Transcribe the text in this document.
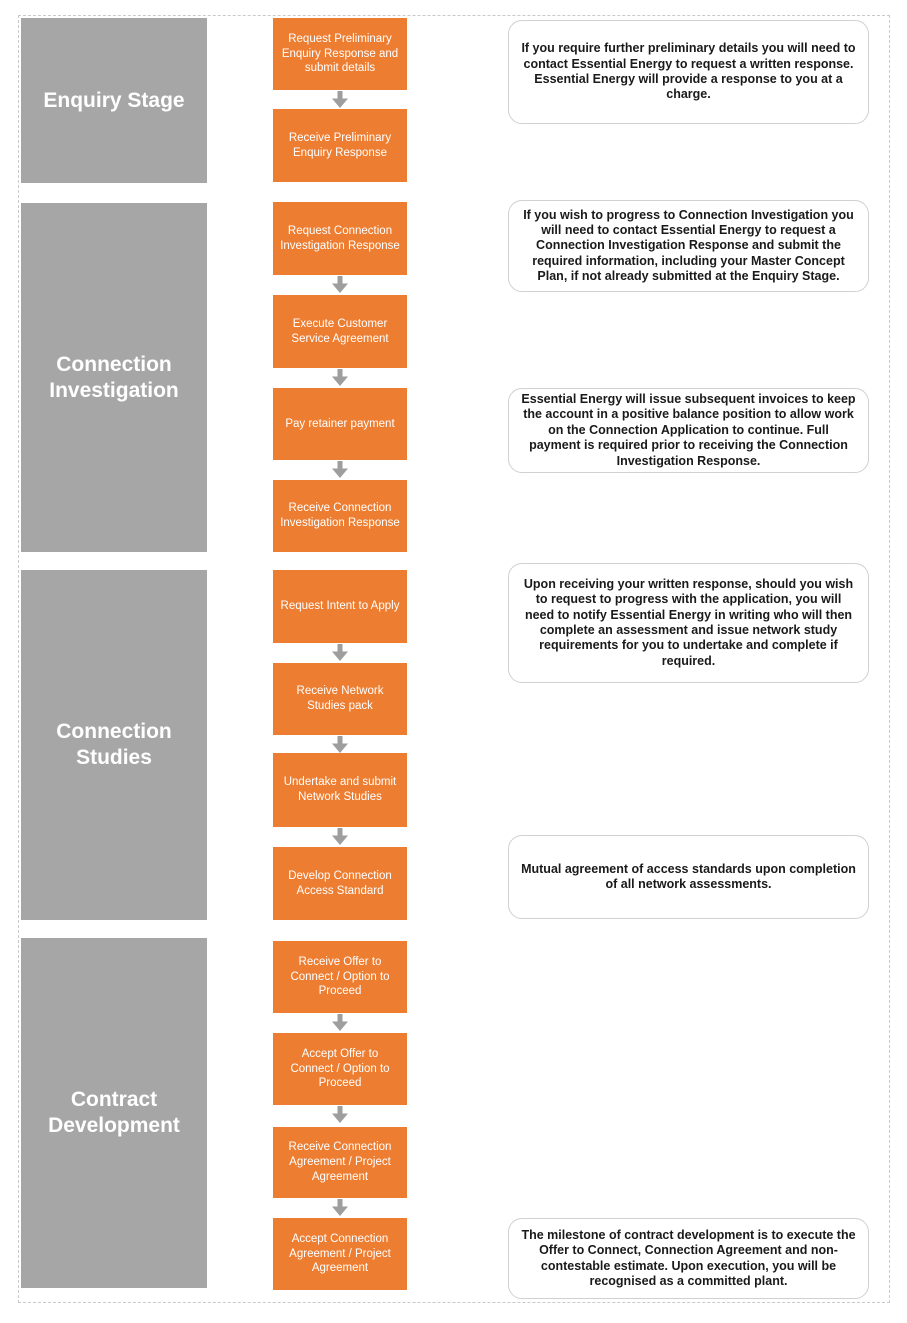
Enquiry Stage
Connection Investigation
Connection Studies
Contract Development
Request Preliminary Enquiry Response and submit details
Receive Preliminary Enquiry Response
Request Connection Investigation Response
Execute Customer Service Agreement
Pay retainer payment
Receive Connection Investigation Response
Request Intent to Apply
Receive Network Studies pack
Undertake and submit Network Studies
Develop Connection Access Standard
Receive Offer to Connect / Option to Proceed
Accept Offer to Connect / Option to Proceed
Receive Connection Agreement / Project Agreement
Accept Connection Agreement / Project Agreement
If you require further preliminary details you will need to contact Essential Energy to request a written response. Essential Energy will provide a response to you at a charge.
If you wish to progress to Connection Investigation you will need to contact Essential Energy to request a Connection Investigation Response and submit the required information, including your Master Concept Plan, if not already submitted at the Enquiry Stage.
Essential Energy will issue subsequent invoices to keep the account in a positive balance position to allow work on the Connection Application to continue. Full payment is required prior to receiving the Connection Investigation Response.
Upon receiving your written response, should you wish to request to progress with the application, you will need to notify Essential Energy in writing who will then complete an assessment and issue network study requirements for you to undertake and complete if required.
Mutual agreement of access standards upon completion of all network assessments.
The milestone of contract development is to execute the Offer to Connect, Connection Agreement and non-contestable estimate. Upon execution, you will be recognised as a committed plant.
